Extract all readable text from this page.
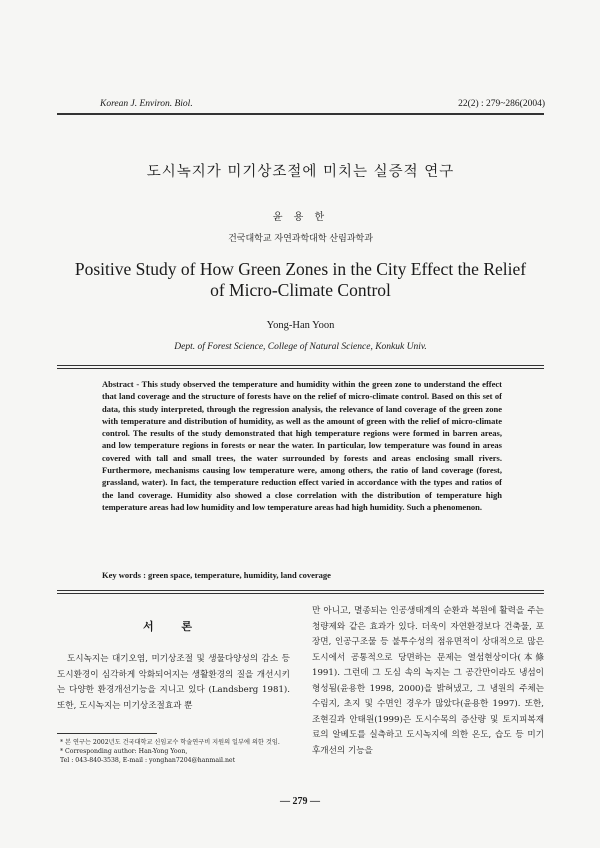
Korean J. Environ. Biol.	22(2) : 279~286(2004)
도시녹지가 미기상조절에 미치는 실증적 연구
윤 용 한
건국대학교 자연과학대학 산림과학과
Positive Study of How Green Zones in the City Effect the Relief
of Micro-Climate Control
Yong-Han Yoon
Dept. of Forest Science, College of Natural Science, Konkuk Univ.
Abstract - This study observed the temperature and humidity within the green zone to understand the effect that land coverage and the structure of forests have on the relief of micro-climate control. Based on this set of data, this study interpreted, through the regression analysis, the relevance of land coverage of the green zone with temperature and distribution of humidity, as well as the amount of green with the relief of micro-climate control. The results of the study demonstrated that high temperature regions were formed in barren areas, and low temperature regions in forests or near the water. In particular, low temperature was found in areas covered with tall and small trees, the water surrounded by forests and areas enclosing small rivers. Furthermore, mechanisms causing low temperature were, among others, the ratio of land coverage (forest, grassland, water). In fact, the temperature reduction effect varied in accordance with the types and ratios of the land coverage. Humidity also showed a close correlation with the distribution of temperature high temperature areas had low humidity and low temperature areas had high humidity. Such a phenomenon.
Key words : green space, temperature, humidity, land coverage
서 론
도시녹지는 대기오염, 미기상조절 및 생물다양성의 감소 등 도시환경이 심각하게 악화되어지는 생활환경의 질을 개선시키는 다양한 환경개선기능을 지니고 있다 (Landsberg 1981). 또한, 도시녹지는 미기상조절효과 뿐
만 아니고, 멸종되는 인공생태계의 순환과 복원에 활력을 주는 청량제와 같은 효과가 있다. 더욱이 자연환경보다 건축물, 포장면, 인공구조물 등 불투수성의 점유면적이 상대적으로 많은 도시에서 공통적으로 당면하는 문제는 열섬현상이다(本條 1991). 그런데 그 도심 속의 녹지는 그 공간만이라도 냉섬이 형성됨(윤용한 1998, 2000)을 밝혀냈고, 그 냉원의 주체는 수림지, 초지 및 수면인 경우가 많았다(윤용한 1997). 또한, 조현길과 안태원(1999)은 도시수목의 증산량 및 토지피복재료의 알베도를 실측하고 도시녹지에 의한 온도, 습도 등 미기후개선의 기능을
* 본 연구는 2002년도 건국대학교 신임교수 학술연구비 지원의 일부에 의한 것임.
* Corresponding author: Han-Yong Yoon,
Tel : 043-840-3538, E-mail : yonghan7204@hanmail.net
— 279 —
